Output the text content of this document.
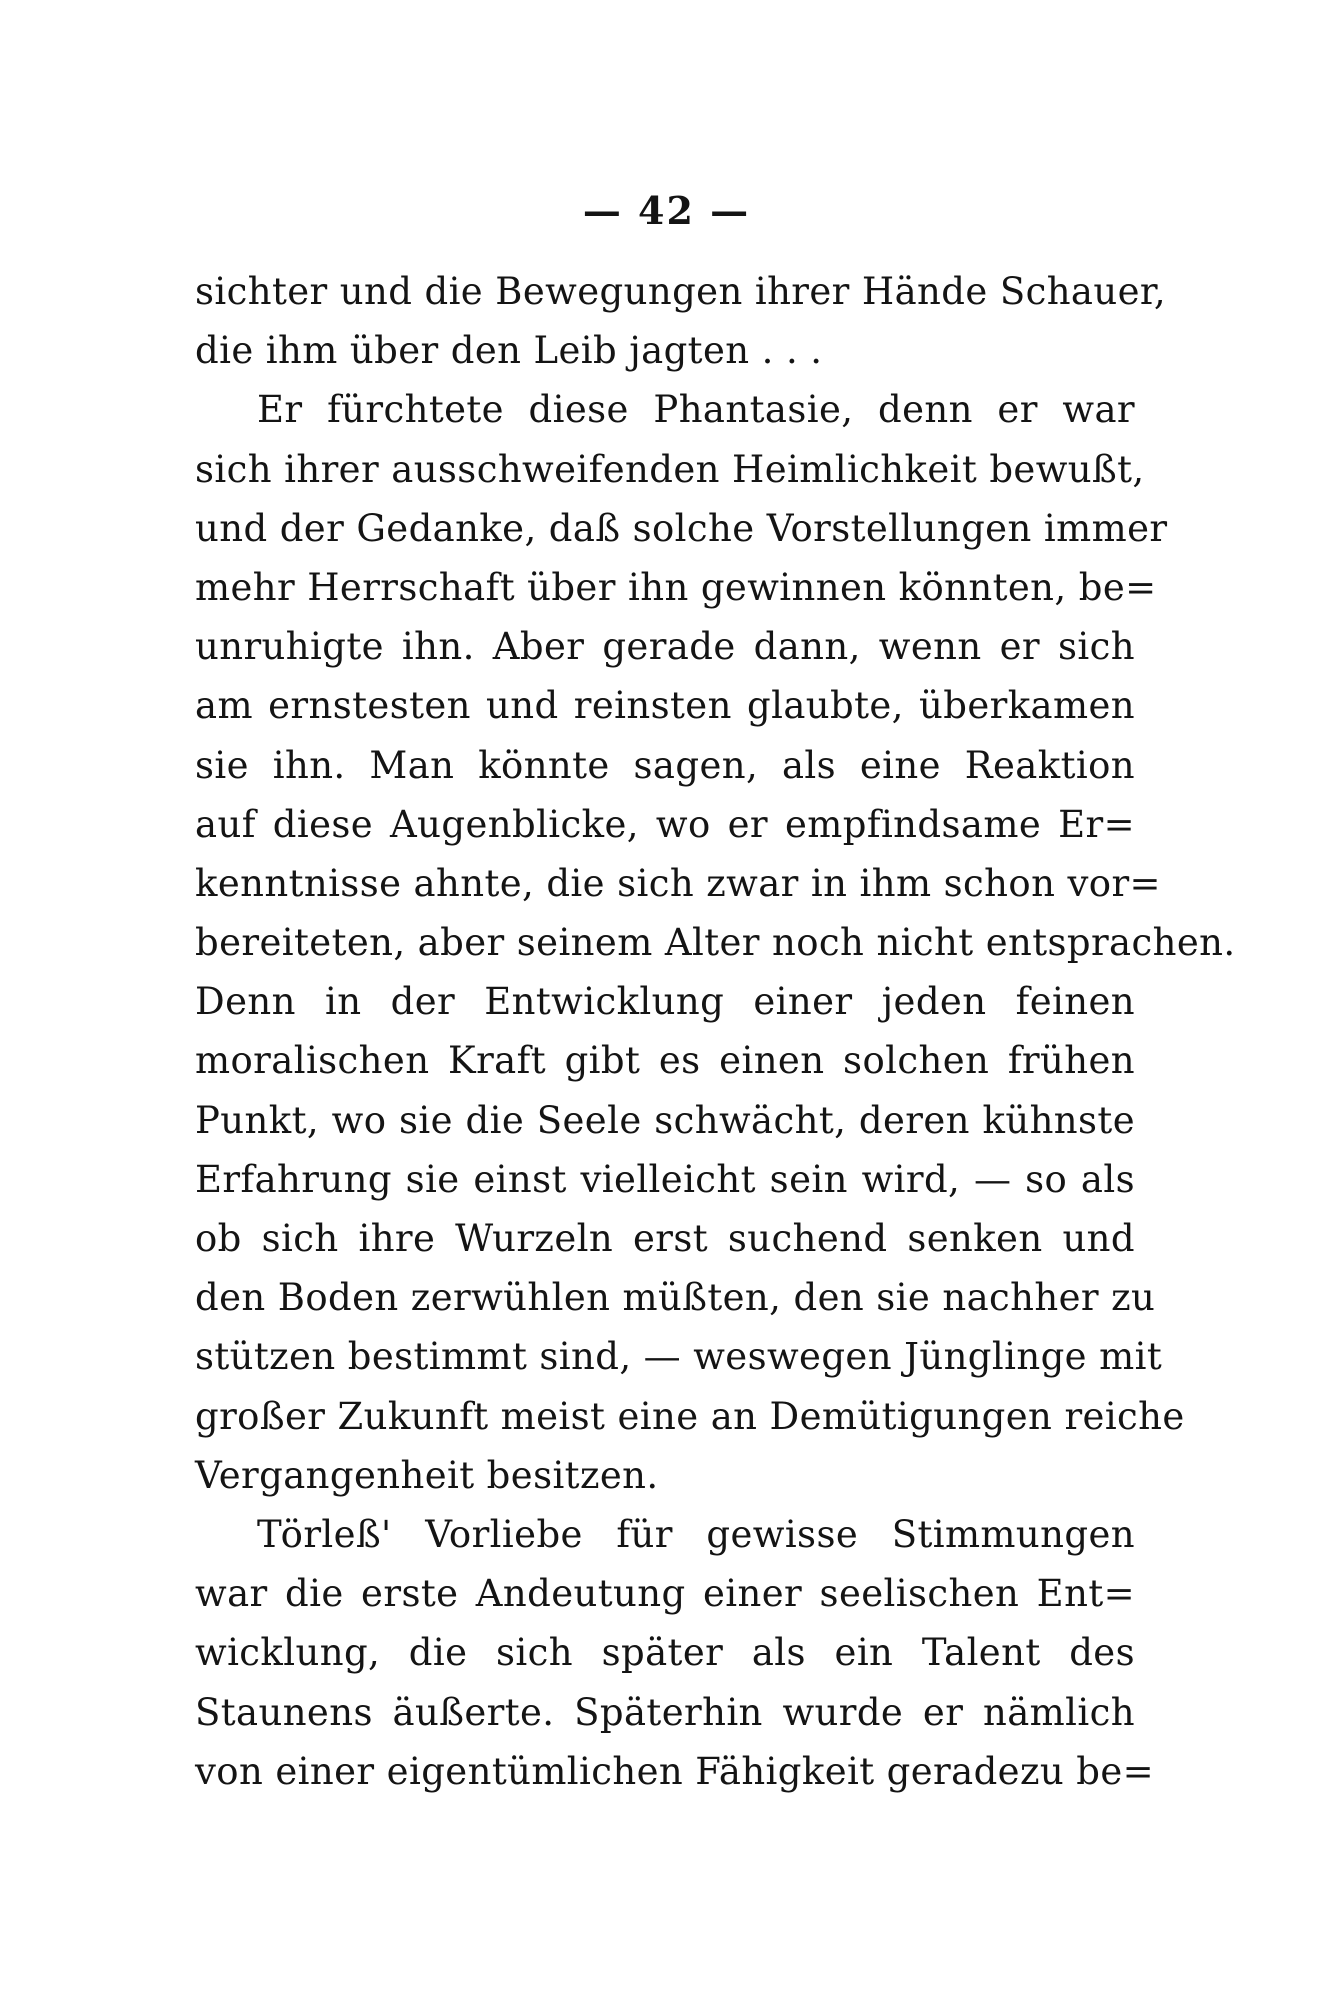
— 42 —
sichter und die Bewegungen ihrer Hände Schauer,
die ihm über den Leib jagten . . .
Er fürchtete diese Phantasie, denn er war
sich ihrer ausschweifenden Heimlichkeit bewußt,
und der Gedanke, daß solche Vorstellungen immer
mehr Herrschaft über ihn gewinnen könnten, be=
unruhigte ihn. Aber gerade dann, wenn er sich
am ernstesten und reinsten glaubte, überkamen
sie ihn. Man könnte sagen, als eine Reaktion
auf diese Augenblicke, wo er empfindsame Er=
kenntnisse ahnte, die sich zwar in ihm schon vor=
bereiteten, aber seinem Alter noch nicht entsprachen.
Denn in der Entwicklung einer jeden feinen
moralischen Kraft gibt es einen solchen frühen
Punkt, wo sie die Seele schwächt, deren kühnste
Erfahrung sie einst vielleicht sein wird, — so als
ob sich ihre Wurzeln erst suchend senken und
den Boden zerwühlen müßten, den sie nachher zu
stützen bestimmt sind, — weswegen Jünglinge mit
großer Zukunft meist eine an Demütigungen reiche
Vergangenheit besitzen.
Törleß' Vorliebe für gewisse Stimmungen
war die erste Andeutung einer seelischen Ent=
wicklung, die sich später als ein Talent des
Staunens äußerte. Späterhin wurde er nämlich
von einer eigentümlichen Fähigkeit geradezu be=
